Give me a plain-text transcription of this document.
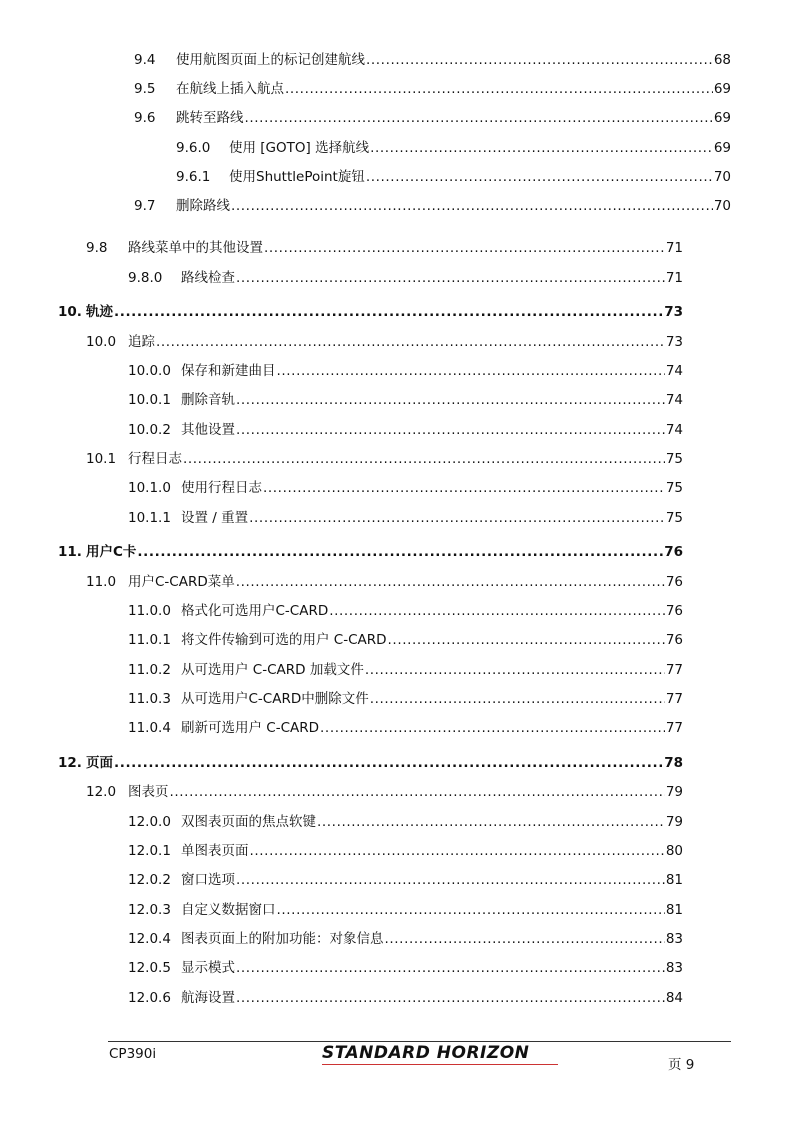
9.4	使用航图页面上的标记创建航线 .....	68
9.5	在航线上插入航点 .....	69
9.6	跳转至路线 .....	69
9.6.0	使用 [GOTO] 选择航线 .....	69
9.6.1	使用ShuttlePoint旋钮 .....	70
9.7	删除路线 .....	70
9.8	路线菜单中的其他设置 .....	71
9.8.0	路线检查 .....	71
10. 轨迹 .....	73
10.0 追踪 .....	73
10.0.0 保存和新建曲目 .....	74
10.0.1 删除音轨 .....	74
10.0.2 其他设置 .....	74
10.1 行程日志 .....	75
10.1.0 使用行程日志 .....	75
10.1.1 设置 / 重置 .....	75
11. 用户C卡 .....	76
11.0 用户C-CARD菜单 .....	76
11.0.0 格式化可选用户C-CARD .....	76
11.0.1 将文件传输到可选的用户 C-CARD .....	76
11.0.2 从可选用户 C-CARD 加载文件 .....	77
11.0.3 从可选用户C-CARD中删除文件 .....	77
11.0.4 刷新可选用户 C-CARD .....	77
12. 页面 .....	78
12.0 图表页 .....	79
12.0.0 双图表页面的焦点软键 .....	79
12.0.1 单图表页面 .....	80
12.0.2 窗口选项 .....	81
12.0.3 自定义数据窗口 .....	81
12.0.4 图表页面上的附加功能：对象信息 .....	83
12.0.5 显示模式 .....	83
12.0.6 航海设置 .....	84
CP390i	STANDARD HORIZON
页 9
